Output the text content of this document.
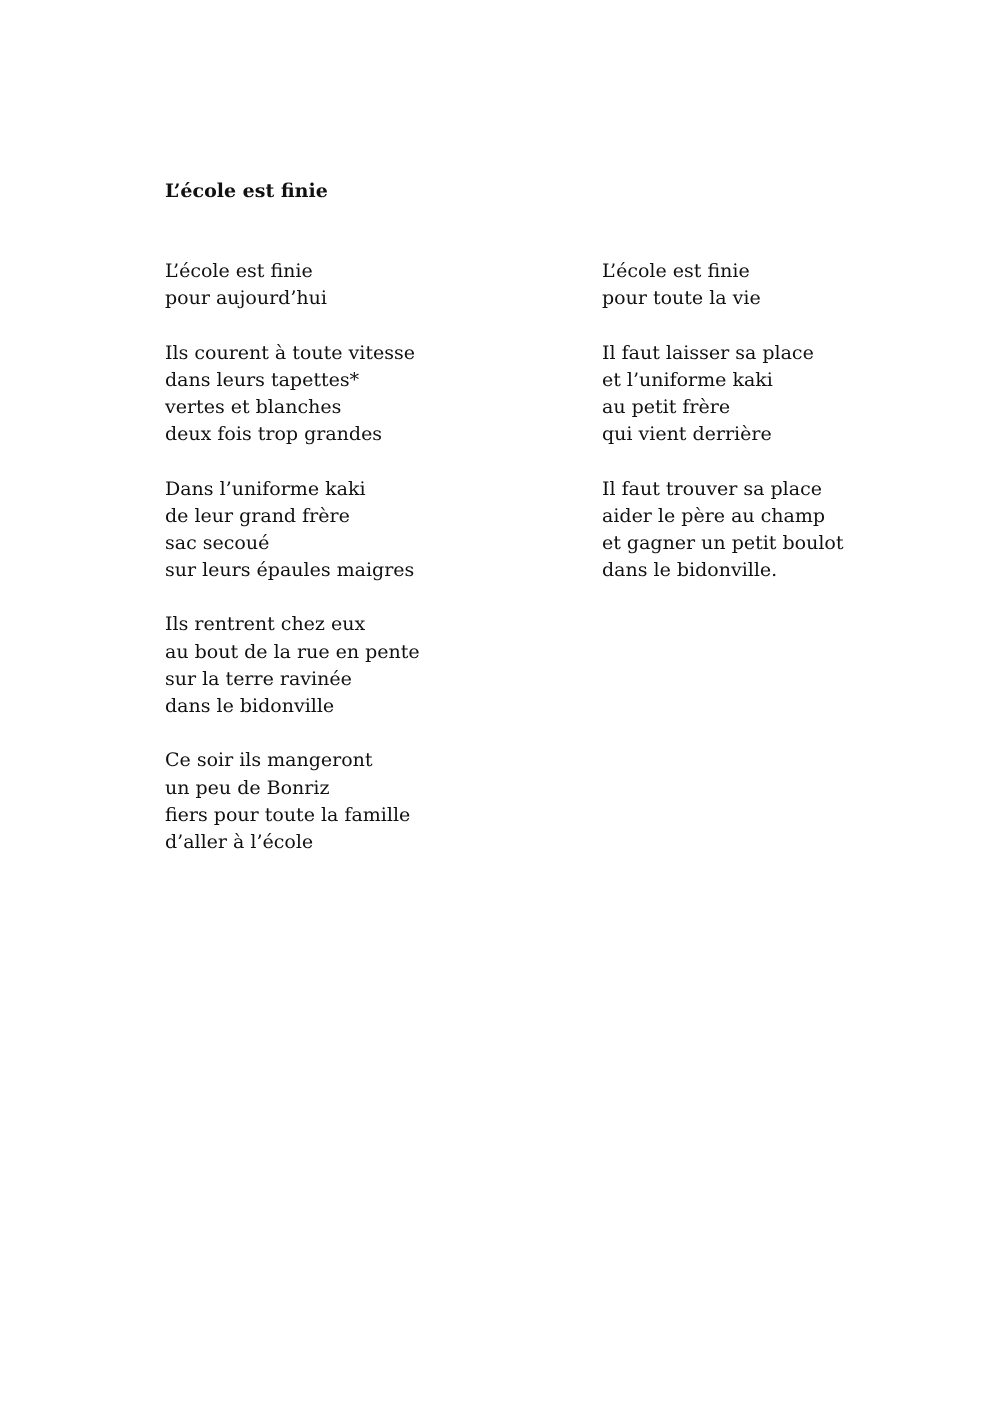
L’école est finie
L’école est finie
pour aujourd’hui
Ils courent à toute vitesse
dans leurs tapettes*
vertes et blanches
deux fois trop grandes
Dans l’uniforme kaki
de leur grand frère
sac secoué
sur leurs épaules maigres
Ils rentrent chez eux
au bout de la rue en pente
sur la terre ravinée
dans le bidonville
Ce soir ils mangeront
un peu de Bonriz
fiers pour toute la famille
d’aller à l’école
L’école est finie
pour toute la vie
Il faut laisser sa place
et l’uniforme kaki
au petit frère
qui vient derrière
Il faut trouver sa place
aider le père au champ
et gagner un petit boulot
dans le bidonville.
